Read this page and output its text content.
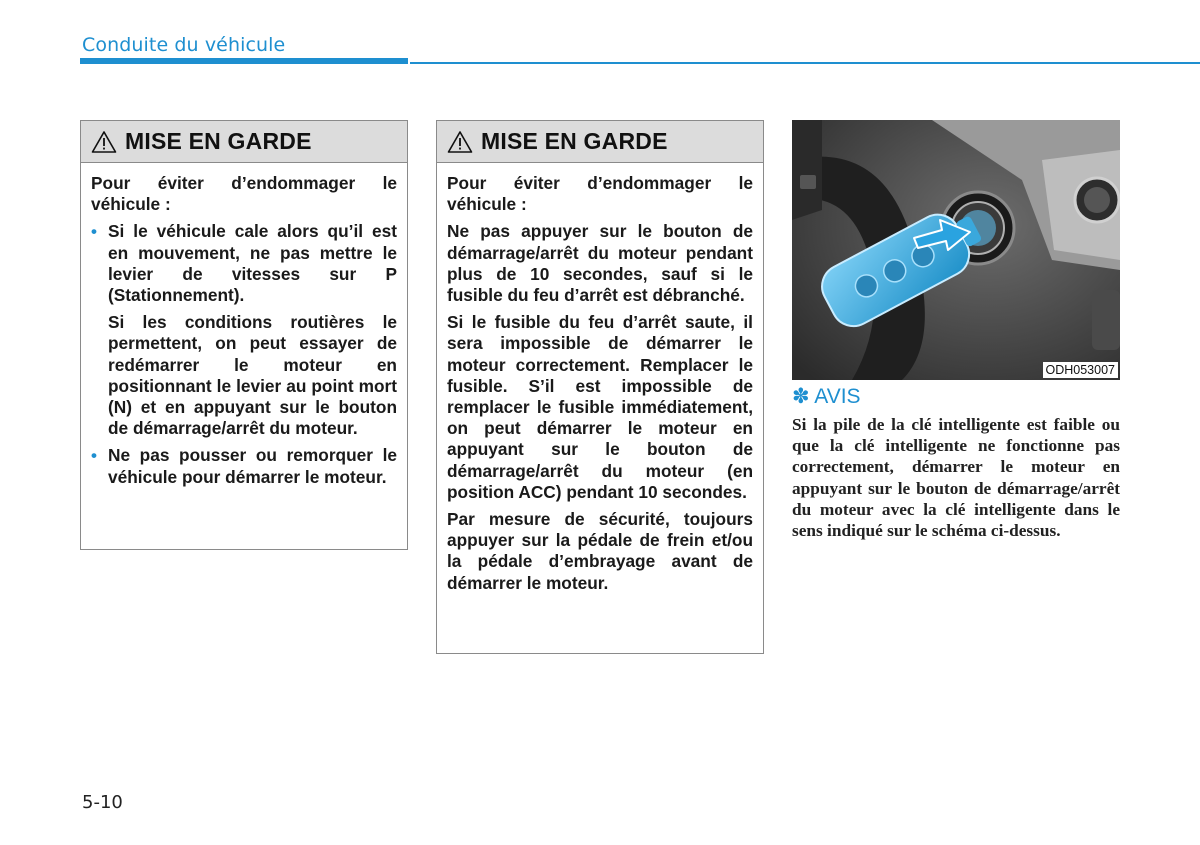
Conduite du véhicule
MISE EN GARDE

Pour éviter d’endommager le véhicule :

• Si le véhicule cale alors qu’il est en mouvement, ne pas mettre le levier de vitesses sur P (Stationnement).
Si les conditions routières le permettent, on peut essayer de redémarrer le moteur en positionnant le levier au point mort (N) et en appuyant sur le bouton de démarrage/arrêt du moteur.
• Ne pas pousser ou remorquer le véhicule pour démarrer le moteur.
MISE EN GARDE

Pour éviter d’endommager le véhicule :

Ne pas appuyer sur le bouton de démarrage/arrêt du moteur pendant plus de 10 secondes, sauf si le fusible du feu d’arrêt est débranché.

Si le fusible du feu d’arrêt saute, il sera impossible de démarrer le moteur correctement. Remplacer le fusible. S’il est impossible de remplacer le fusible immédiatement, on peut démarrer le moteur en appuyant sur le bouton de démarrage/arrêt du moteur (en position ACC) pendant 10 secondes.

Par mesure de sécurité, toujours appuyer sur la pédale de frein et/ou la pédale d’embrayage avant de démarrer le moteur.

ODH053007
✽ AVIS
Si la pile de la clé intelligente est faible ou que la clé intelligente ne fonctionne pas correctement, démarrer le moteur en appuyant sur le bouton de démarrage/arrêt du moteur avec la clé intelligente dans le sens indiqué sur le schéma ci-dessus.
5-10
